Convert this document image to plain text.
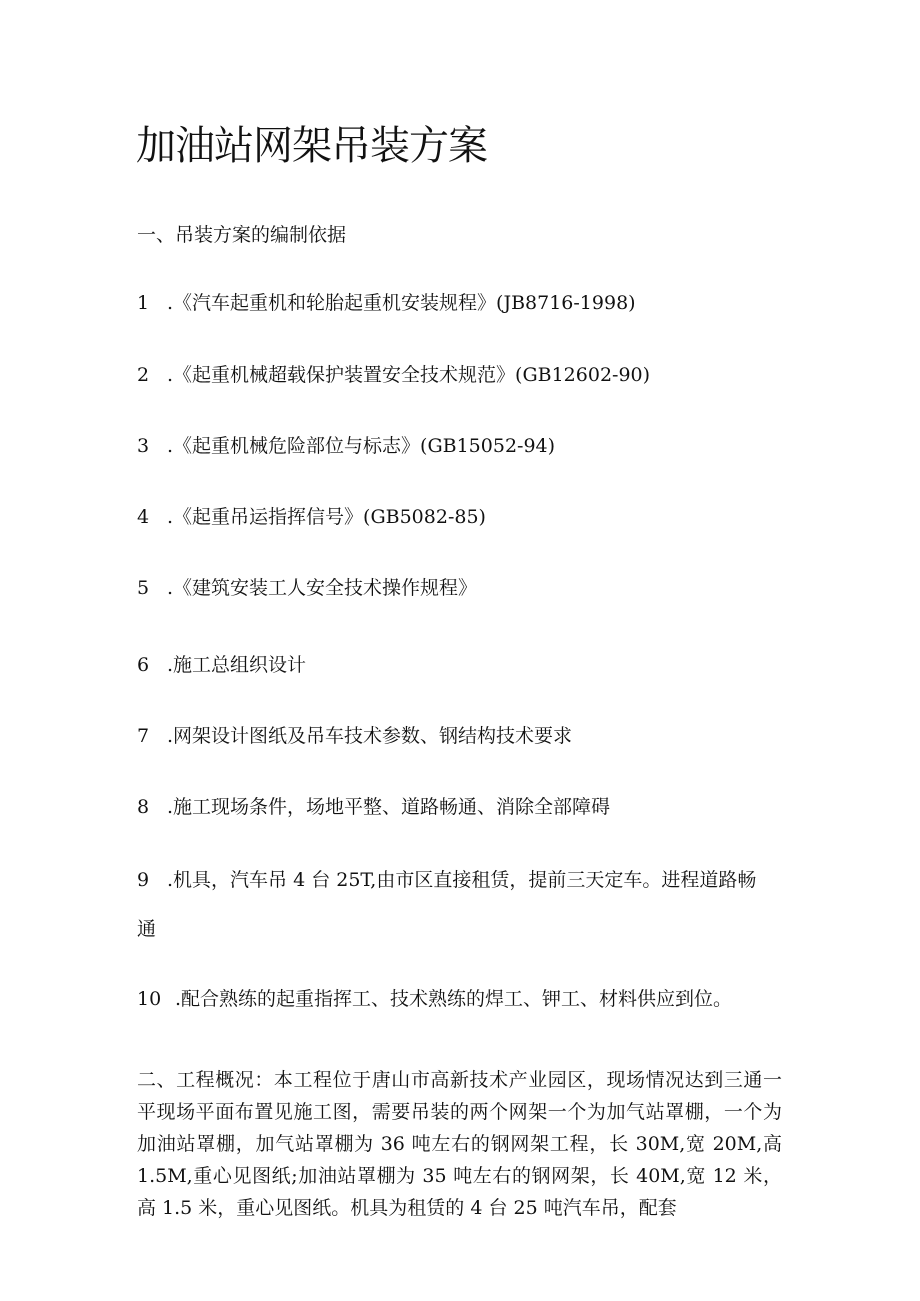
加油站网架吊装方案

一、吊装方案的编制依据

1 .《汽车起重机和轮胎起重机安装规程》(JB8716-1998)

2 .《起重机械超载保护装置安全技术规范》(GB12602-90)

3 .《起重机械危险部位与标志》(GB15052-94)

4 .《起重吊运指挥信号》(GB5082-85)

5 .《建筑安装工人安全技术操作规程》

6 .施工总组织设计

7 .网架设计图纸及吊车技术参数、钢结构技术要求

8 .施工现场条件，场地平整、道路畅通、消除全部障碍

9 .机具，汽车吊 4 台 25T,由市区直接租赁，提前三天定车。进程道路畅

通

10 .配合熟练的起重指挥工、技术熟练的焊工、钾工、材料供应到位。

二、工程概况：本工程位于唐山市高新技术产业园区，现场情况达到三通一平现场平面布置见施工图，需要吊装的两个网架一个为加气站罩棚，一个为加油站罩棚，加气站罩棚为 36 吨左右的钢网架工程，长 30M,宽 20M,高 1.5M,重心见图纸;加油站罩棚为 35 吨左右的钢网架，长 40M,宽 12 米，高 1.5 米，重心见图纸。机具为租赁的 4 台 25 吨汽车吊，配套
